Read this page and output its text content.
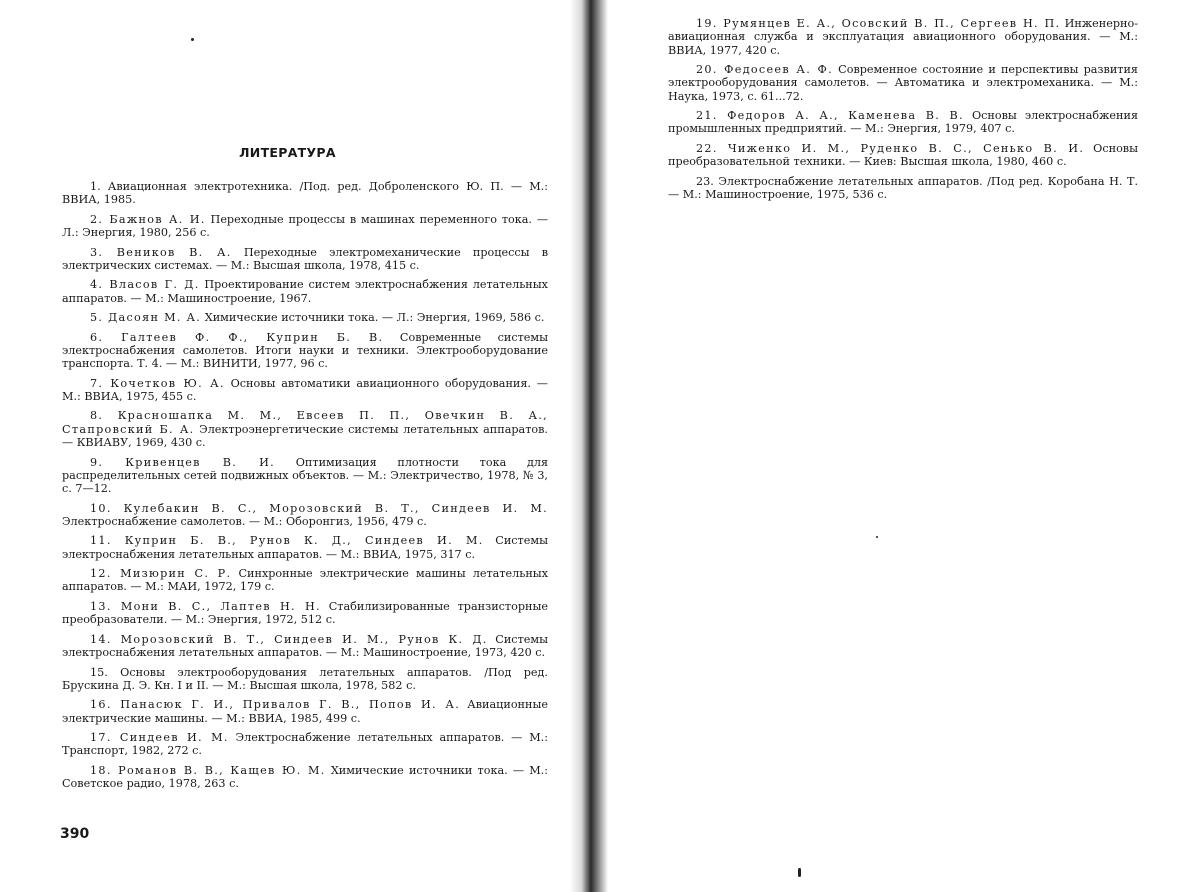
ЛИТЕРАТУРА

1. Авиационная электротехника. /Под. ред. Доброленского Ю. П. — М.: ВВИА, 1985.

2. Бажнов А. И. Переходные процессы в машинах переменного тока. — Л.: Энергия, 1980, 256 с.

3. Веников В. А. Переходные электромеханические процессы в электрических системах. — М.: Высшая школа, 1978, 415 с.

4. Власов Г. Д. Проектирование систем электроснабжения летательных аппаратов. — М.: Машиностроение, 1967.

5. Дасоян М. А. Химические источники тока. — Л.: Энергия, 1969, 586 с.

6. Галтеев Ф. Ф., Куприн Б. В. Современные системы электроснабжения самолетов. Итоги науки и техники. Электрооборудование транспорта. Т. 4. — М.: ВИНИТИ, 1977, 96 с.

7. Кочетков Ю. А. Основы автоматики авиационного оборудования. — М.: ВВИА, 1975, 455 с.

8. Красношапка М. М., Евсеев П. П., Овечкин В. А., Стапровский Б. А. Электроэнергетические системы летательных аппаратов. — КВИАВУ, 1969, 430 с.

9. Кривенцев В. И. Оптимизация плотности тока для распределительных сетей подвижных объектов. — М.: Электричество, 1978, № 3, с. 7—12.

10. Кулебакин В. С., Морозовский В. Т., Синдеев И. М. Электроснабжение самолетов. — М.: Оборонгиз, 1956, 479 с.

11. Куприн Б. В., Рунов К. Д., Синдеев И. М. Системы электроснабжения летательных аппаратов. — М.: ВВИА, 1975, 317 с.

12. Мизюрин С. Р. Синхронные электрические машины летательных аппаратов. — М.: МАИ, 1972, 179 с.

13. Мони В. С., Лаптев Н. Н. Стабилизированные транзисторные преобразователи. — М.: Энергия, 1972, 512 с.

14. Морозовский В. Т., Синдеев И. М., Рунов К. Д. Системы электроснабжения летательных аппаратов. — М.: Машиностроение, 1973, 420 с.

15. Основы электрооборудования летательных аппаратов. /Под ред. Брускина Д. Э. Кн. I и II. — М.: Высшая школа, 1978, 582 с.

16. Панасюк Г. И., Привалов Г. В., Попов И. А. Авиационные электрические машины. — М.: ВВИА, 1985, 499 с.

17. Синдеев И. М. Электроснабжение летательных аппаратов. — М.: Транспорт, 1982, 272 с.

18. Романов В. В., Кащев Ю. М. Химические источники тока. — М.: Советское радио, 1978, 263 с.

390

19. Румянцев Е. А., Осовский В. П., Сергеев Н. П. Инженерно-авиационная служба и эксплуатация авиационного оборудования. — М.: ВВИА, 1977, 420 с.

20. Федосеев А. Ф. Современное состояние и перспективы развития электрооборудования самолетов. — Автоматика и электромеханика. — М.: Наука, 1973, с. 61...72.

21. Федоров А. А., Каменева В. В. Основы электроснабжения промышленных предприятий. — М.: Энергия, 1979, 407 с.

22. Чиженко И. М., Руденко В. С., Сенько В. И. Основы преобразовательной техники. — Киев: Высшая школа, 1980, 460 с.

23. Электроснабжение летательных аппаратов. /Под ред. Коробана Н. Т. — М.: Машиностроение, 1975, 536 с.
